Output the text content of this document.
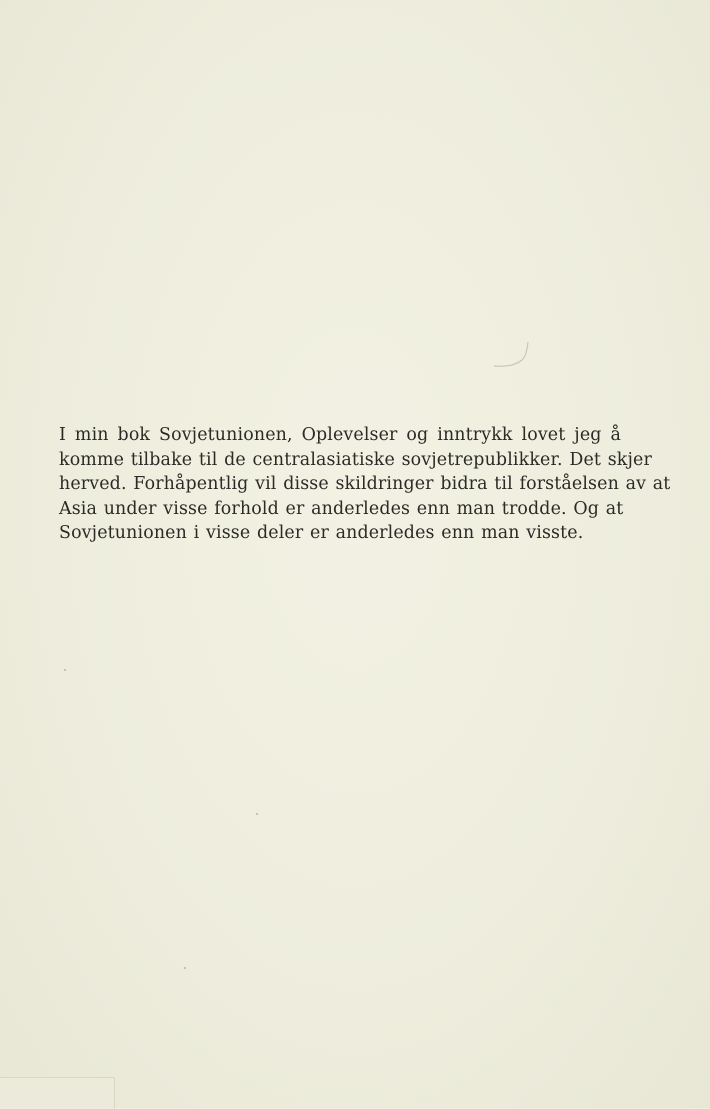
I min bok Sovjetunionen, Oplevelser og inntrykk lovet jeg å
komme tilbake til de centralasiatiske sovjetrepublikker. Det skjer
herved. Forhåpentlig vil disse skildringer bidra til forståelsen av at
Asia under visse forhold er anderledes enn man trodde. Og at
Sovjetunionen i visse deler er anderledes enn man visste.
